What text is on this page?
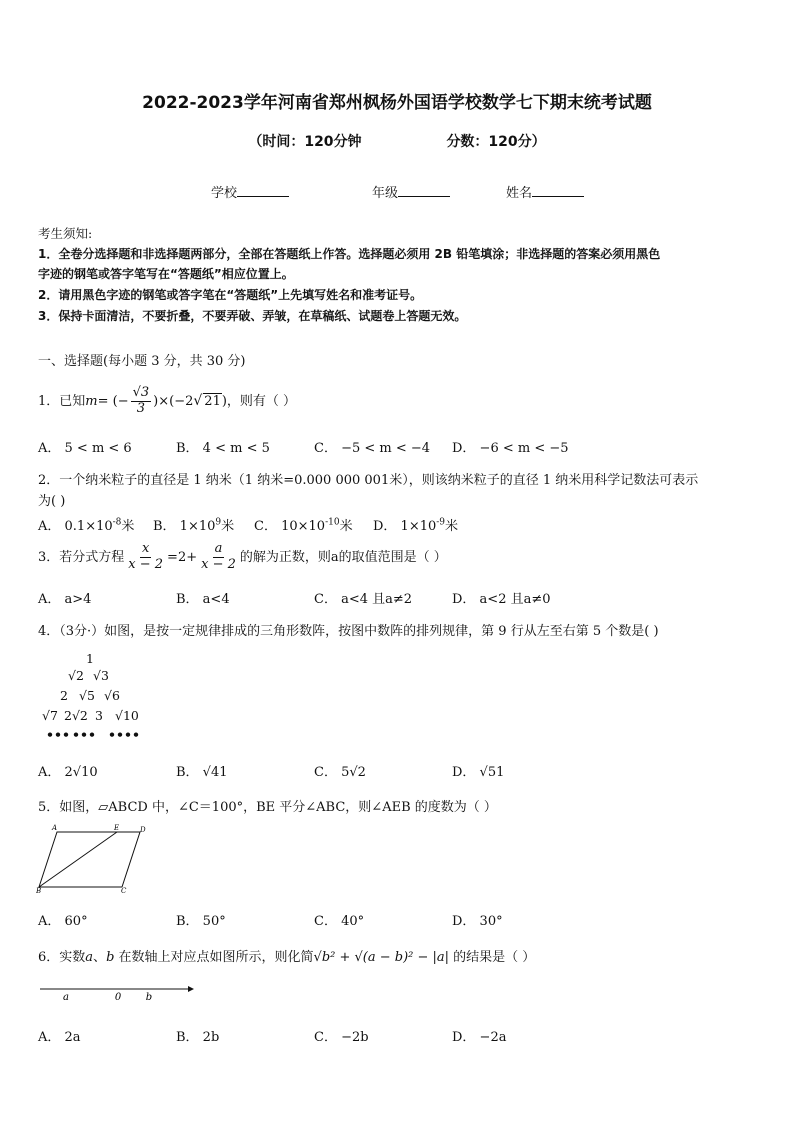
2022-2023学年河南省郑州枫杨外国语学校数学七下期末统考试题
（时间：120分钟	分数：120分）
学校	年级	姓名
考生须知:
1．全卷分选择题和非选择题两部分，全部在答题纸上作答。选择题必须用 2B 铅笔填涂；非选择题的答案必须用黑色
字迹的钢笔或答字笔写在“答题纸”相应位置上。
2．请用黑色字迹的钢笔或答字笔在“答题纸”上先填写姓名和准考证号。
3．保持卡面清洁，不要折叠，不要弄破、弄皱，在草稿纸、试题卷上答题无效。
一、选择题(每小题 3 分，共 30 分)
1．已知m= (− $\frac{√3}{3} )\times(-2√$ 21)，则有（ ）
A． 5 < m < 6	B． 4 < m < 5	C． −5 < m < −4 D． −6 < m < −5
2．一个纳米粒子的直径是 1 纳米（1 纳米=0.000 000 001米），则该纳米粒子的直径 1 纳米用科学记数法可表示
为( )
A． $0.1\times 10^{-8}$米 B． $1\times 10^9$米 C． $10\times 10^{-10}$米 D． $1\times 10^{-9}$米
3．若分式方程 $\frac{x}{x - 2} =2+ \frac{a}{x - 2}$ 的解为正数，则a的取值范围是（ ）
A． a>4	B． a<4	C． a<4 且a≠2	D． a<2 且a≠0
4．（3分·）如图，是按一定规律排成的三角形数阵，按图中数阵的排列规律，第 9 行从左至右第 5 个数是( )
1
√2 √3
2 √5 √6
√7 2√2 3 √10
••• ••• ••••
A． 2√10	B． √41	C． 5√2	D． √51
5．如图，▱ABCD 中，∠C＝100°，BE 平分∠ABC，则∠AEB 的度数为（ ）
A	E	D
B	C
A． 60°	B． 50°	C． 40°	D． 30°
6．实数a、b 在数轴上对应点如图所示，则化简√b² + √(a − b)² − |a| 的结果是（ ）
a	0 b
A． 2a	B． 2b	C． −2b	D． −2a
